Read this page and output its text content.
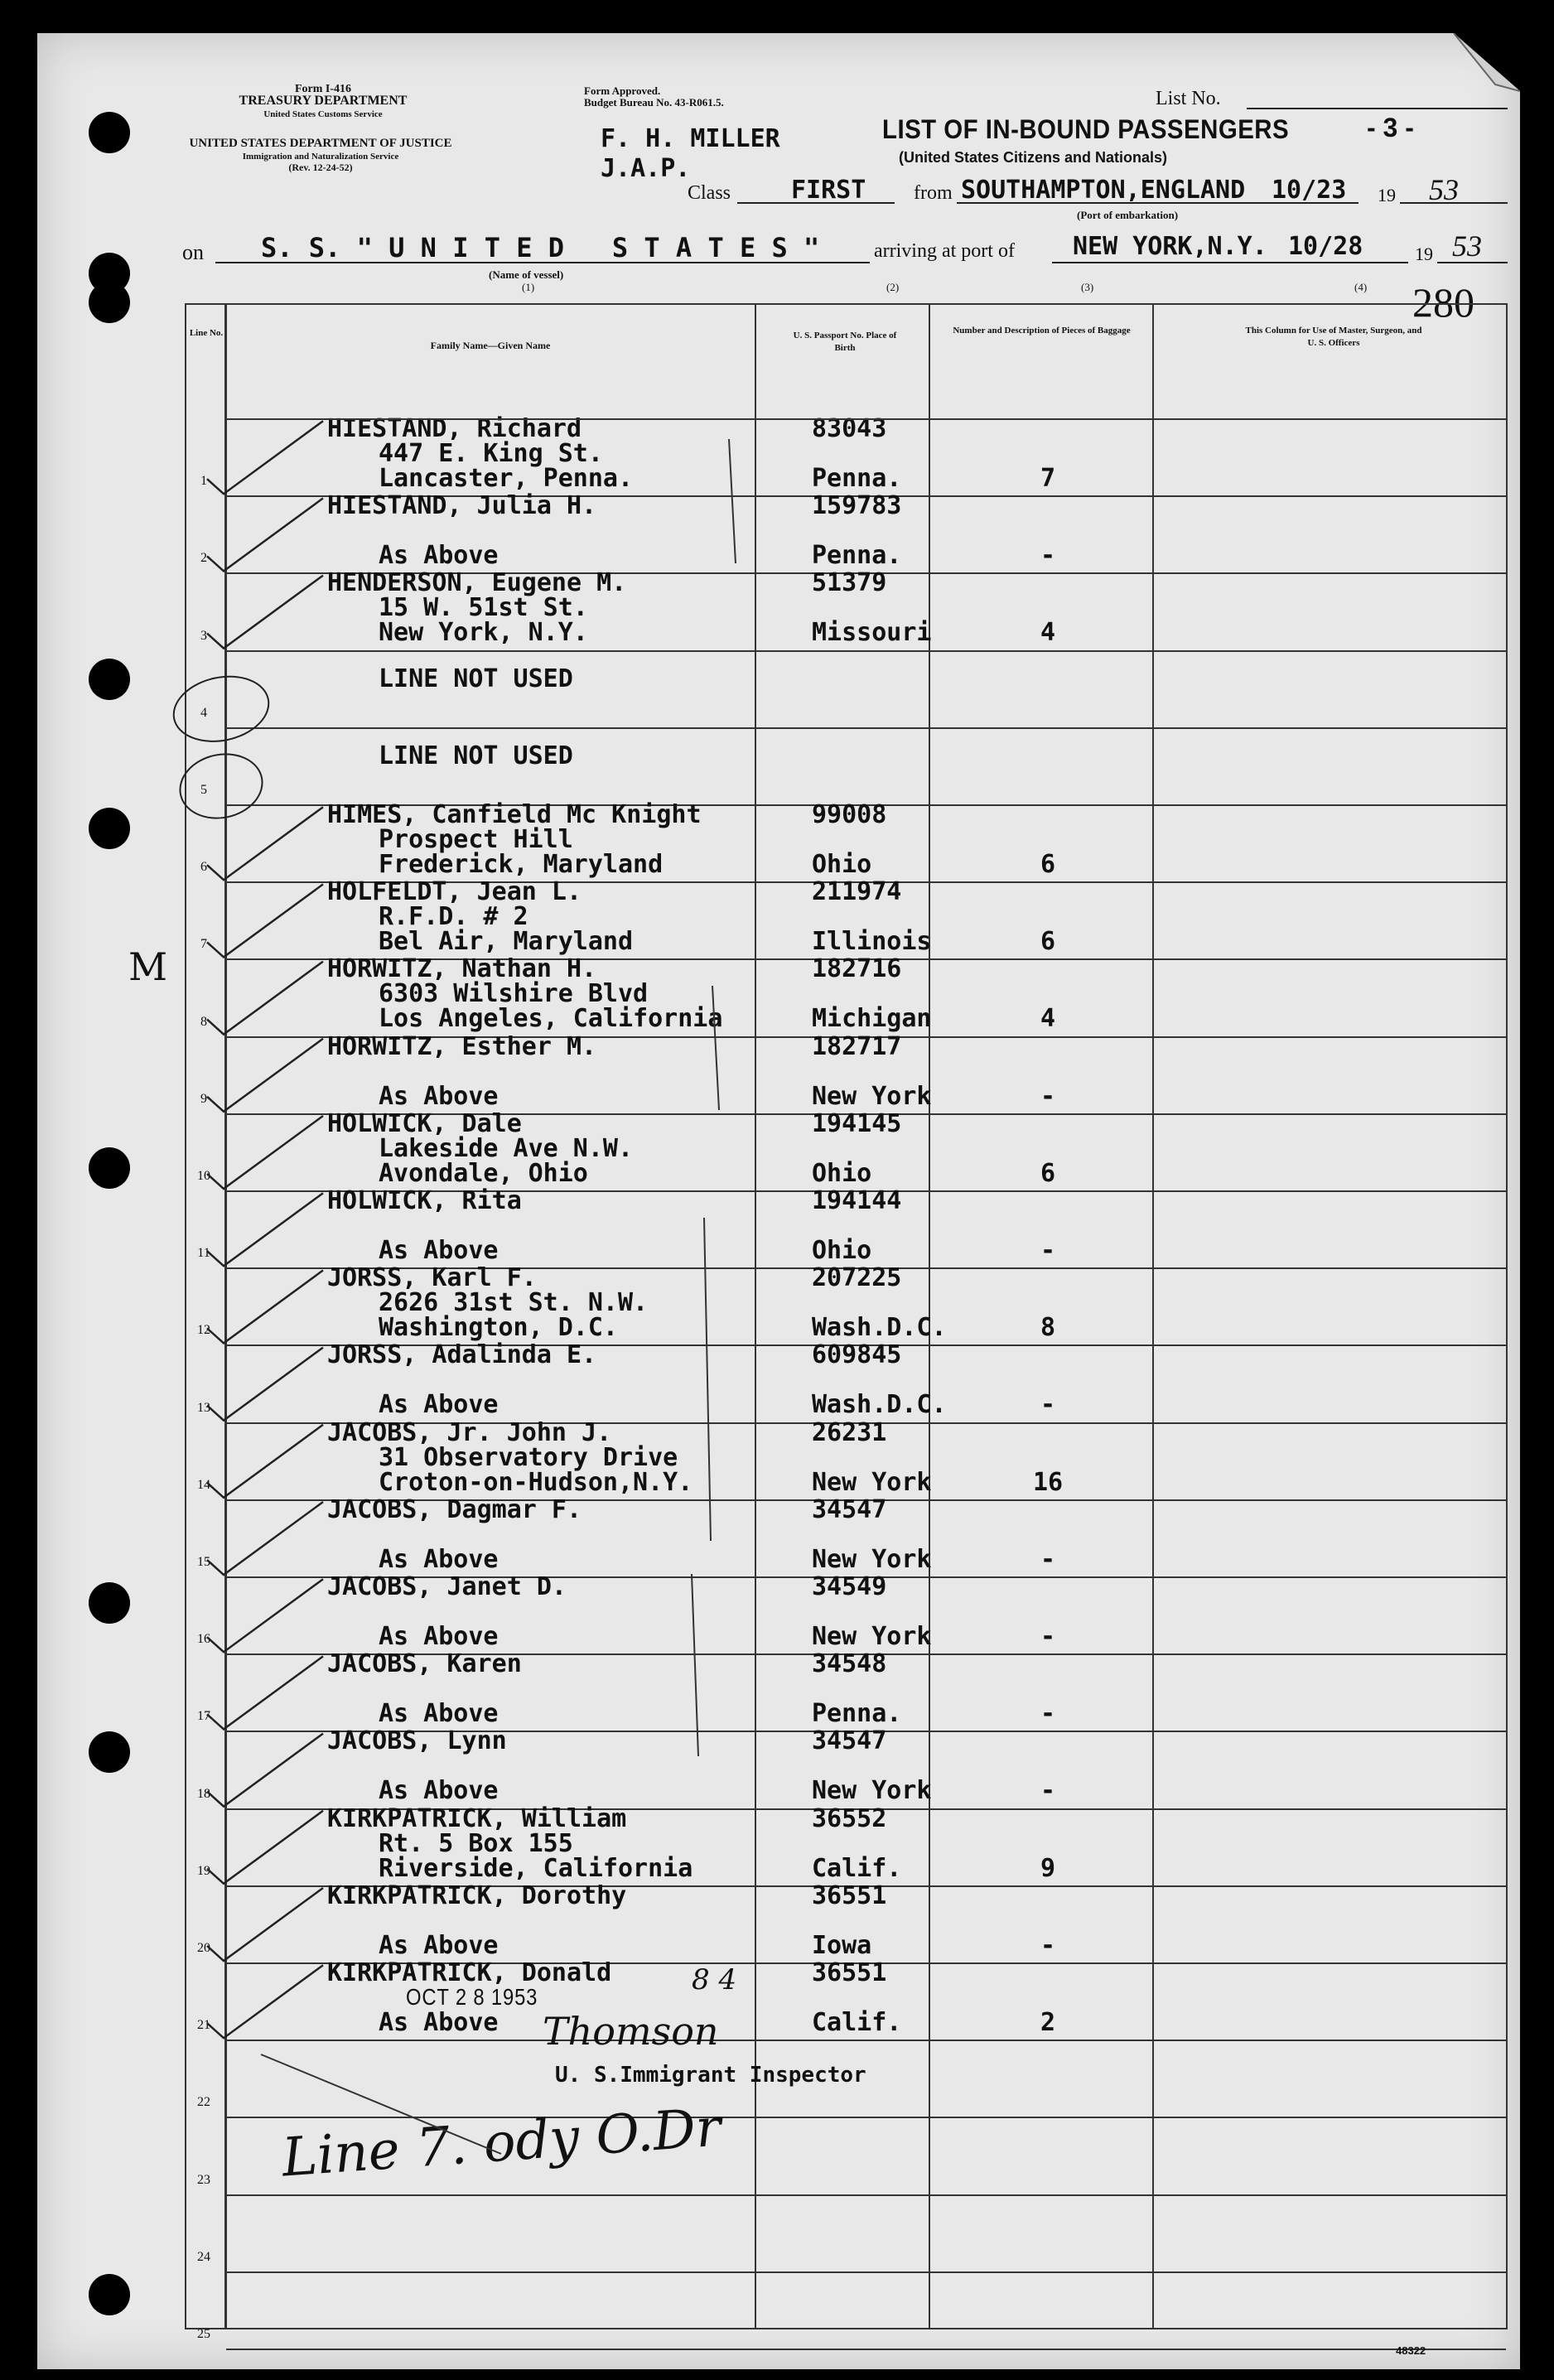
Form I-416
TREASURY DEPARTMENT
United States Customs Service
UNITED STATES DEPARTMENT OF JUSTICE
Immigration and Naturalization Service
(Rev. 12-24-52)
Form Approved.
Budget Bureau No. 43-R061.5.
F. H. MILLER
J.A.P.
List No.
LIST OF IN-BOUND PASSENGERS
(United States Citizens and Nationals)
- 3 -
Class FIRST from SOUTHAMPTON,ENGLAND 10/23 19 53
(Port of embarkation)
on S. S. " U N I T E D   S T A T E S "	arriving at port of NEW YORK,N.Y. 10/28	19 53
(Name of vessel)
(1)	(2)	(3)	(4) 280
Line No.
Family Name—Given Name
U. S. Passport No. Place of Birth
Number and Description of Pieces of Baggage	This Column for Use of Master, Surgeon, and U. S. Officers
1
HIESTAND, Richard
447 E. King St.
Lancaster, Penna.
83043
Penna.	7
2
HIESTAND, Julia H.
As Above
159783
Penna.	-
3
HENDERSON, Eugene M.
15 W. 51st St.
New York, N.Y.
51379
Missouri	4
4
LINE NOT USED
5
LINE NOT USED
6
HIMES, Canfield Mc Knight
Prospect Hill
Frederick, Maryland
99008
Ohio	6
7
HOLFELDT, Jean L.
R.F.D. # 2
Bel Air, Maryland
211974
Illinois	6
8
HORWITZ, Nathan H.
6303 Wilshire Blvd
Los Angeles, California
182716
Michigan	4
9
HORWITZ, Esther M.
As Above
182717
New York	-
10
HOLWICK, Dale
Lakeside Ave N.W.
Avondale, Ohio
194145
Ohio	6
11
HOLWICK, Rita
As Above
194144
Ohio	-
12
JORSS, Karl F.
2626 31st St. N.W.
Washington, D.C.
207225
Wash.D.C.	8
13
JORSS, Adalinda E.
As Above
609845
Wash.D.C.	-
14
JACOBS, Jr. John J.
31 Observatory Drive
Croton-on-Hudson,N.Y.
26231
New York	16
15
JACOBS, Dagmar F.
As Above
34547
New York	-
16
JACOBS, Janet D.
As Above
34549
New York	-
17
JACOBS, Karen
As Above
34548
Penna.	-
18
JACOBS, Lynn
As Above
34547
New York	-
19
KIRKPATRICK, William
Rt. 5 Box 155
Riverside, California
36552
Calif.	9
20
KIRKPATRICK, Dorothy
As Above
36551
Iowa	-
21
KIRKPATRICK, Donald
As Above
36551
Calif.	2
22
23
24
25
OCT 2 8 1953
8 4
Thomson
U. S.Immigrant Inspector
Line 7. ody O.Dr
M
48322
